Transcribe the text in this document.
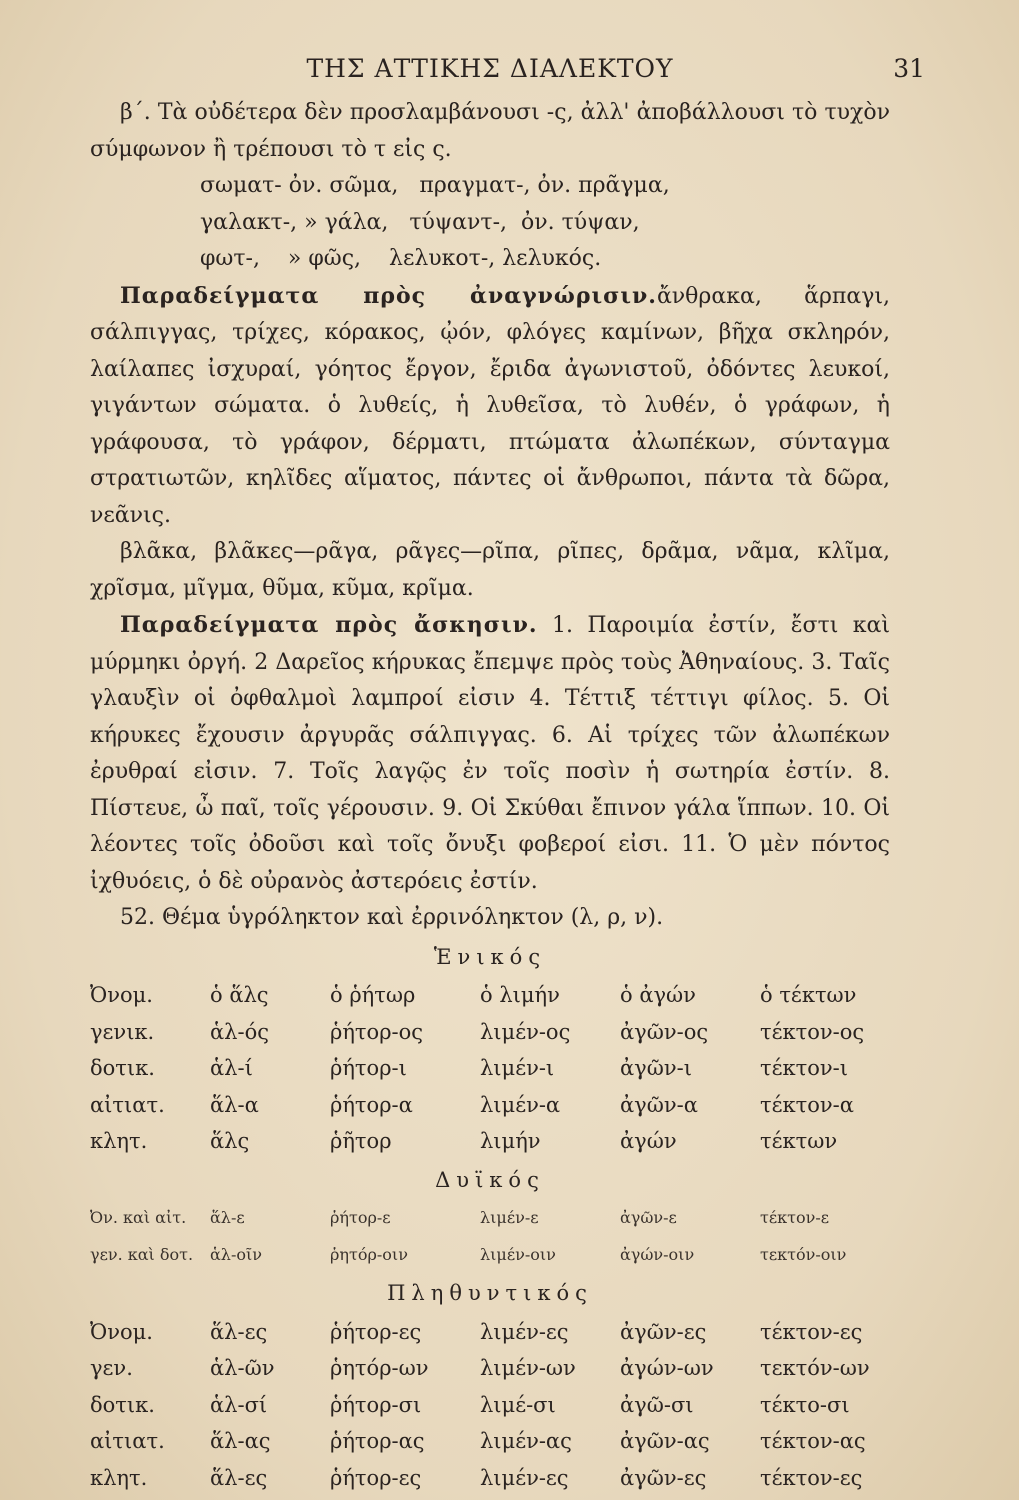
ΤΗΣ ΑΤΤΙΚΗΣ ΔΙΑΛΕΚΤΟΥ	31

β΄. Τὰ οὐδέτερα δὲν προσλαμβάνουσι -ς, ἀλλ' ἀποβάλλουσι τὸ τυχὸν σύμφωνον ἢ τρέπουσι τὸ τ εἰς ς.

σωματ- ὀν. σῶμα,   πραγματ-, ὀν. πρᾶγμα,

γαλακτ-, » γάλα,   τύψαντ-,  ὀν. τύψαν,

φωτ-,    » φῶς,    λελυκοτ-, λελυκός.

Παραδείγματα πρὸς ἀναγνώρισιν.ἄνθρακα, ἅρπαγι, σάλπιγγας, τρίχες, κόρακος, ᾠόν, φλόγες καμίνων, βῆχα σκληρόν, λαίλαπες ἰσχυραί, γόητος ἔργον, ἔριδα ἀγωνιστοῦ, ὀδόντες λευκοί, γιγάντων σώματα. ὁ λυθείς, ἡ λυθεῖσα, τὸ λυθέν, ὁ γράφων, ἡ γράφουσα, τὸ γράφον, δέρματι, πτώματα ἀλωπέκων, σύνταγμα στρατιωτῶν, κηλῖδες αἵματος, πάντες οἱ ἄνθρωποι, πάντα τὰ δῶρα, νεᾶνις.

βλᾶκα, βλᾶκες—ρᾶγα, ρᾶγες—ρῖπα, ρῖπες, δρᾶμα, νᾶμα, κλῖμα, χρῖσμα, μῖγμα, θῦμα, κῦμα, κρῖμα.

Παραδείγματα πρὸς ἄσκησιν. 1. Παροιμία ἐστίν, ἔστι καὶ μύρμηκι ὀργή. 2 Δαρεῖος κήρυκας ἔπεμψε πρὸς τοὺς Ἀθηναίους. 3. Ταῖς γλαυξὶν οἱ ὀφθαλμοὶ λαμπροί εἰσιν 4. Τέττιξ τέττιγι φίλος. 5. Οἱ κήρυκες ἔχουσιν ἀργυρᾶς σάλπιγγας. 6. Αἱ τρίχες τῶν ἀλωπέκων ἐρυθραί εἰσιν. 7. Τοῖς λαγῷς ἐν τοῖς ποσὶν ἡ σωτηρία ἐστίν. 8. Πίστευε, ὦ παῖ, τοῖς γέρουσιν. 9. Οἱ Σκύθαι ἔπινον γάλα ἵππων. 10. Οἱ λέοντες τοῖς ὀδοῦσι καὶ τοῖς ὄνυξι φοβεροί εἰσι. 11. Ὁ μὲν πόντος ἰχθυόεις, ὁ δὲ οὐρανὸς ἀστερόεις ἐστίν.

52. Θέμα ὑγρόληκτον καὶ ἐρρινόληκτον (λ, ρ, ν).

Ἑνικός
Ὀνομ.	ὁ ἅλς	ὁ ῥήτωρ	ὁ λιμήν	ὁ ἀγών	ὁ τέκτων
γενικ.	ἁλ-ός	ῥήτορ-ος	λιμέν-ος	ἀγῶν-ος	τέκτον-ος
δοτικ.	ἁλ-ί	ῥήτορ-ι	λιμέν-ι	ἀγῶν-ι	τέκτον-ι
αἰτιατ.	ἅλ-α	ῥήτορ-α	λιμέν-α	ἀγῶν-α	τέκτον-α
κλητ.	ἅλς	ῥῆτορ	λιμήν	ἀγών	τέκτων
Δυϊκός
Ὀν. καὶ αἰτ.	ἅλ-ε	ῥήτορ-ε	λιμέν-ε	ἀγῶν-ε	τέκτον-ε
γεν. καὶ δοτ.	ἁλ-οῖν	ῥητόρ-οιν	λιμέν-οιν	ἀγών-οιν	τεκτόν-οιν
Πληθυντικός
Ὀνομ.	ἅλ-ες	ῥήτορ-ες	λιμέν-ες	ἀγῶν-ες	τέκτον-ες
γεν.	ἁλ-ῶν	ῥητόρ-ων	λιμέν-ων	ἀγών-ων	τεκτόν-ων
δοτικ.	ἁλ-σί	ῥήτορ-σι	λιμέ-σι	ἀγῶ-σι	τέκτο-σι
αἰτιατ.	ἅλ-ας	ῥήτορ-ας	λιμέν-ας	ἀγῶν-ας	τέκτον-ας
κλητ.	ἅλ-ες	ῥήτορ-ες	λιμέν-ες	ἀγῶν-ες	τέκτον-ες
